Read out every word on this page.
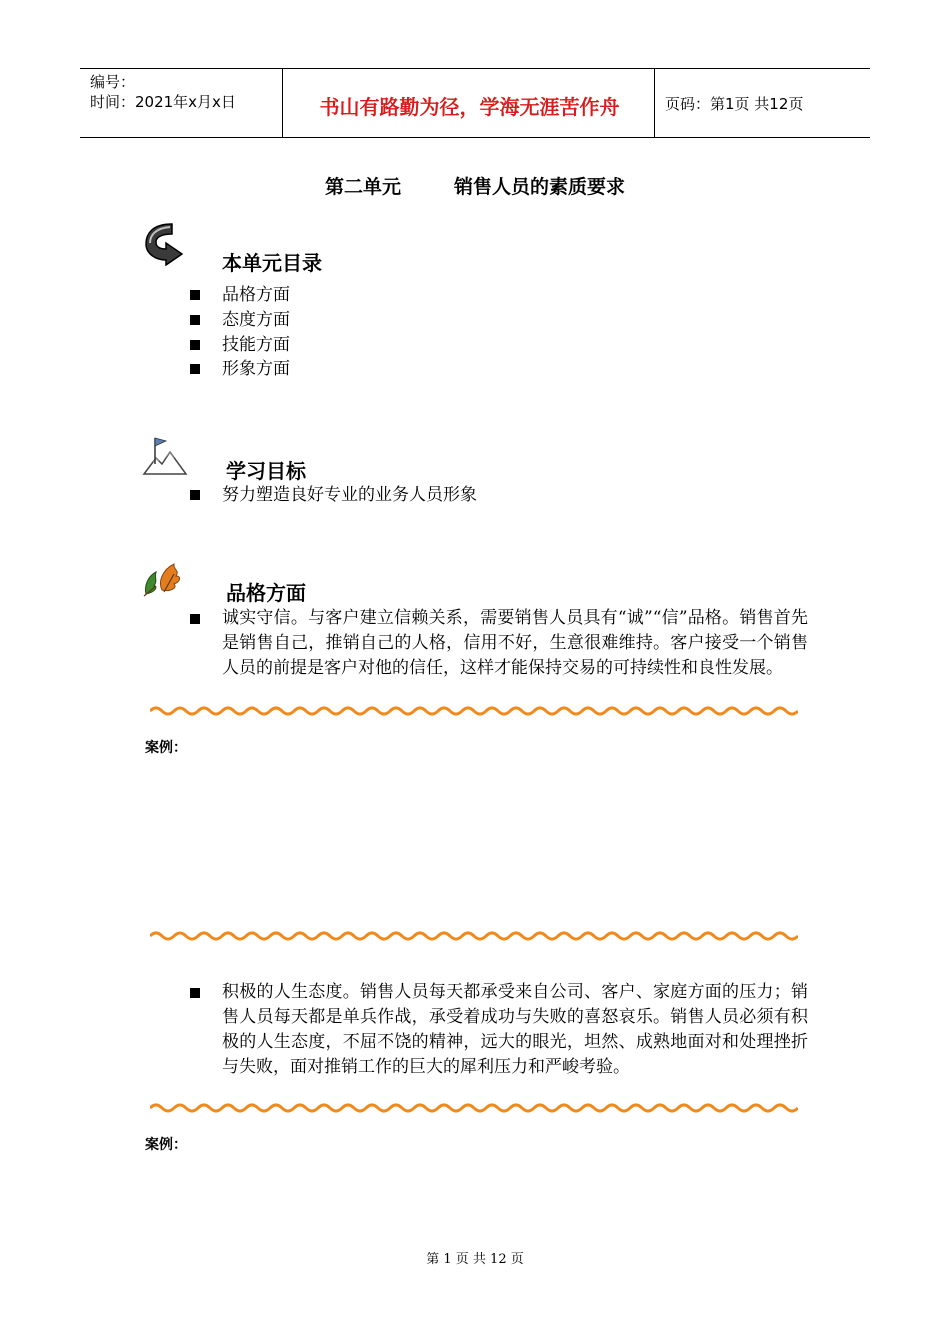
编号：
时间：2021年x月x日	书山有路勤为径，学海无涯苦作舟	页码：第1页 共12页
第二单元        销售人员的素质要求
本单元目录
品格方面
态度方面
技能方面
形象方面
学习目标
努力塑造良好专业的业务人员形象
品格方面
诚实守信。与客户建立信赖关系，需要销售人员具有“诚”“信”品格。销售首先是销售自己，推销自己的人格，信用不好，生意很难维持。客户接受一个销售人员的前提是客户对他的信任，这样才能保持交易的可持续性和良性发展。
案例：
积极的人生态度。销售人员每天都承受来自公司、客户、家庭方面的压力；销售人员每天都是单兵作战，承受着成功与失败的喜怒哀乐。销售人员必须有积极的人生态度，不屈不饶的精神，远大的眼光，坦然、成熟地面对和处理挫折与失败，面对推销工作的巨大的犀利压力和严峻考验。
案例：
第 1 页 共 12 页
